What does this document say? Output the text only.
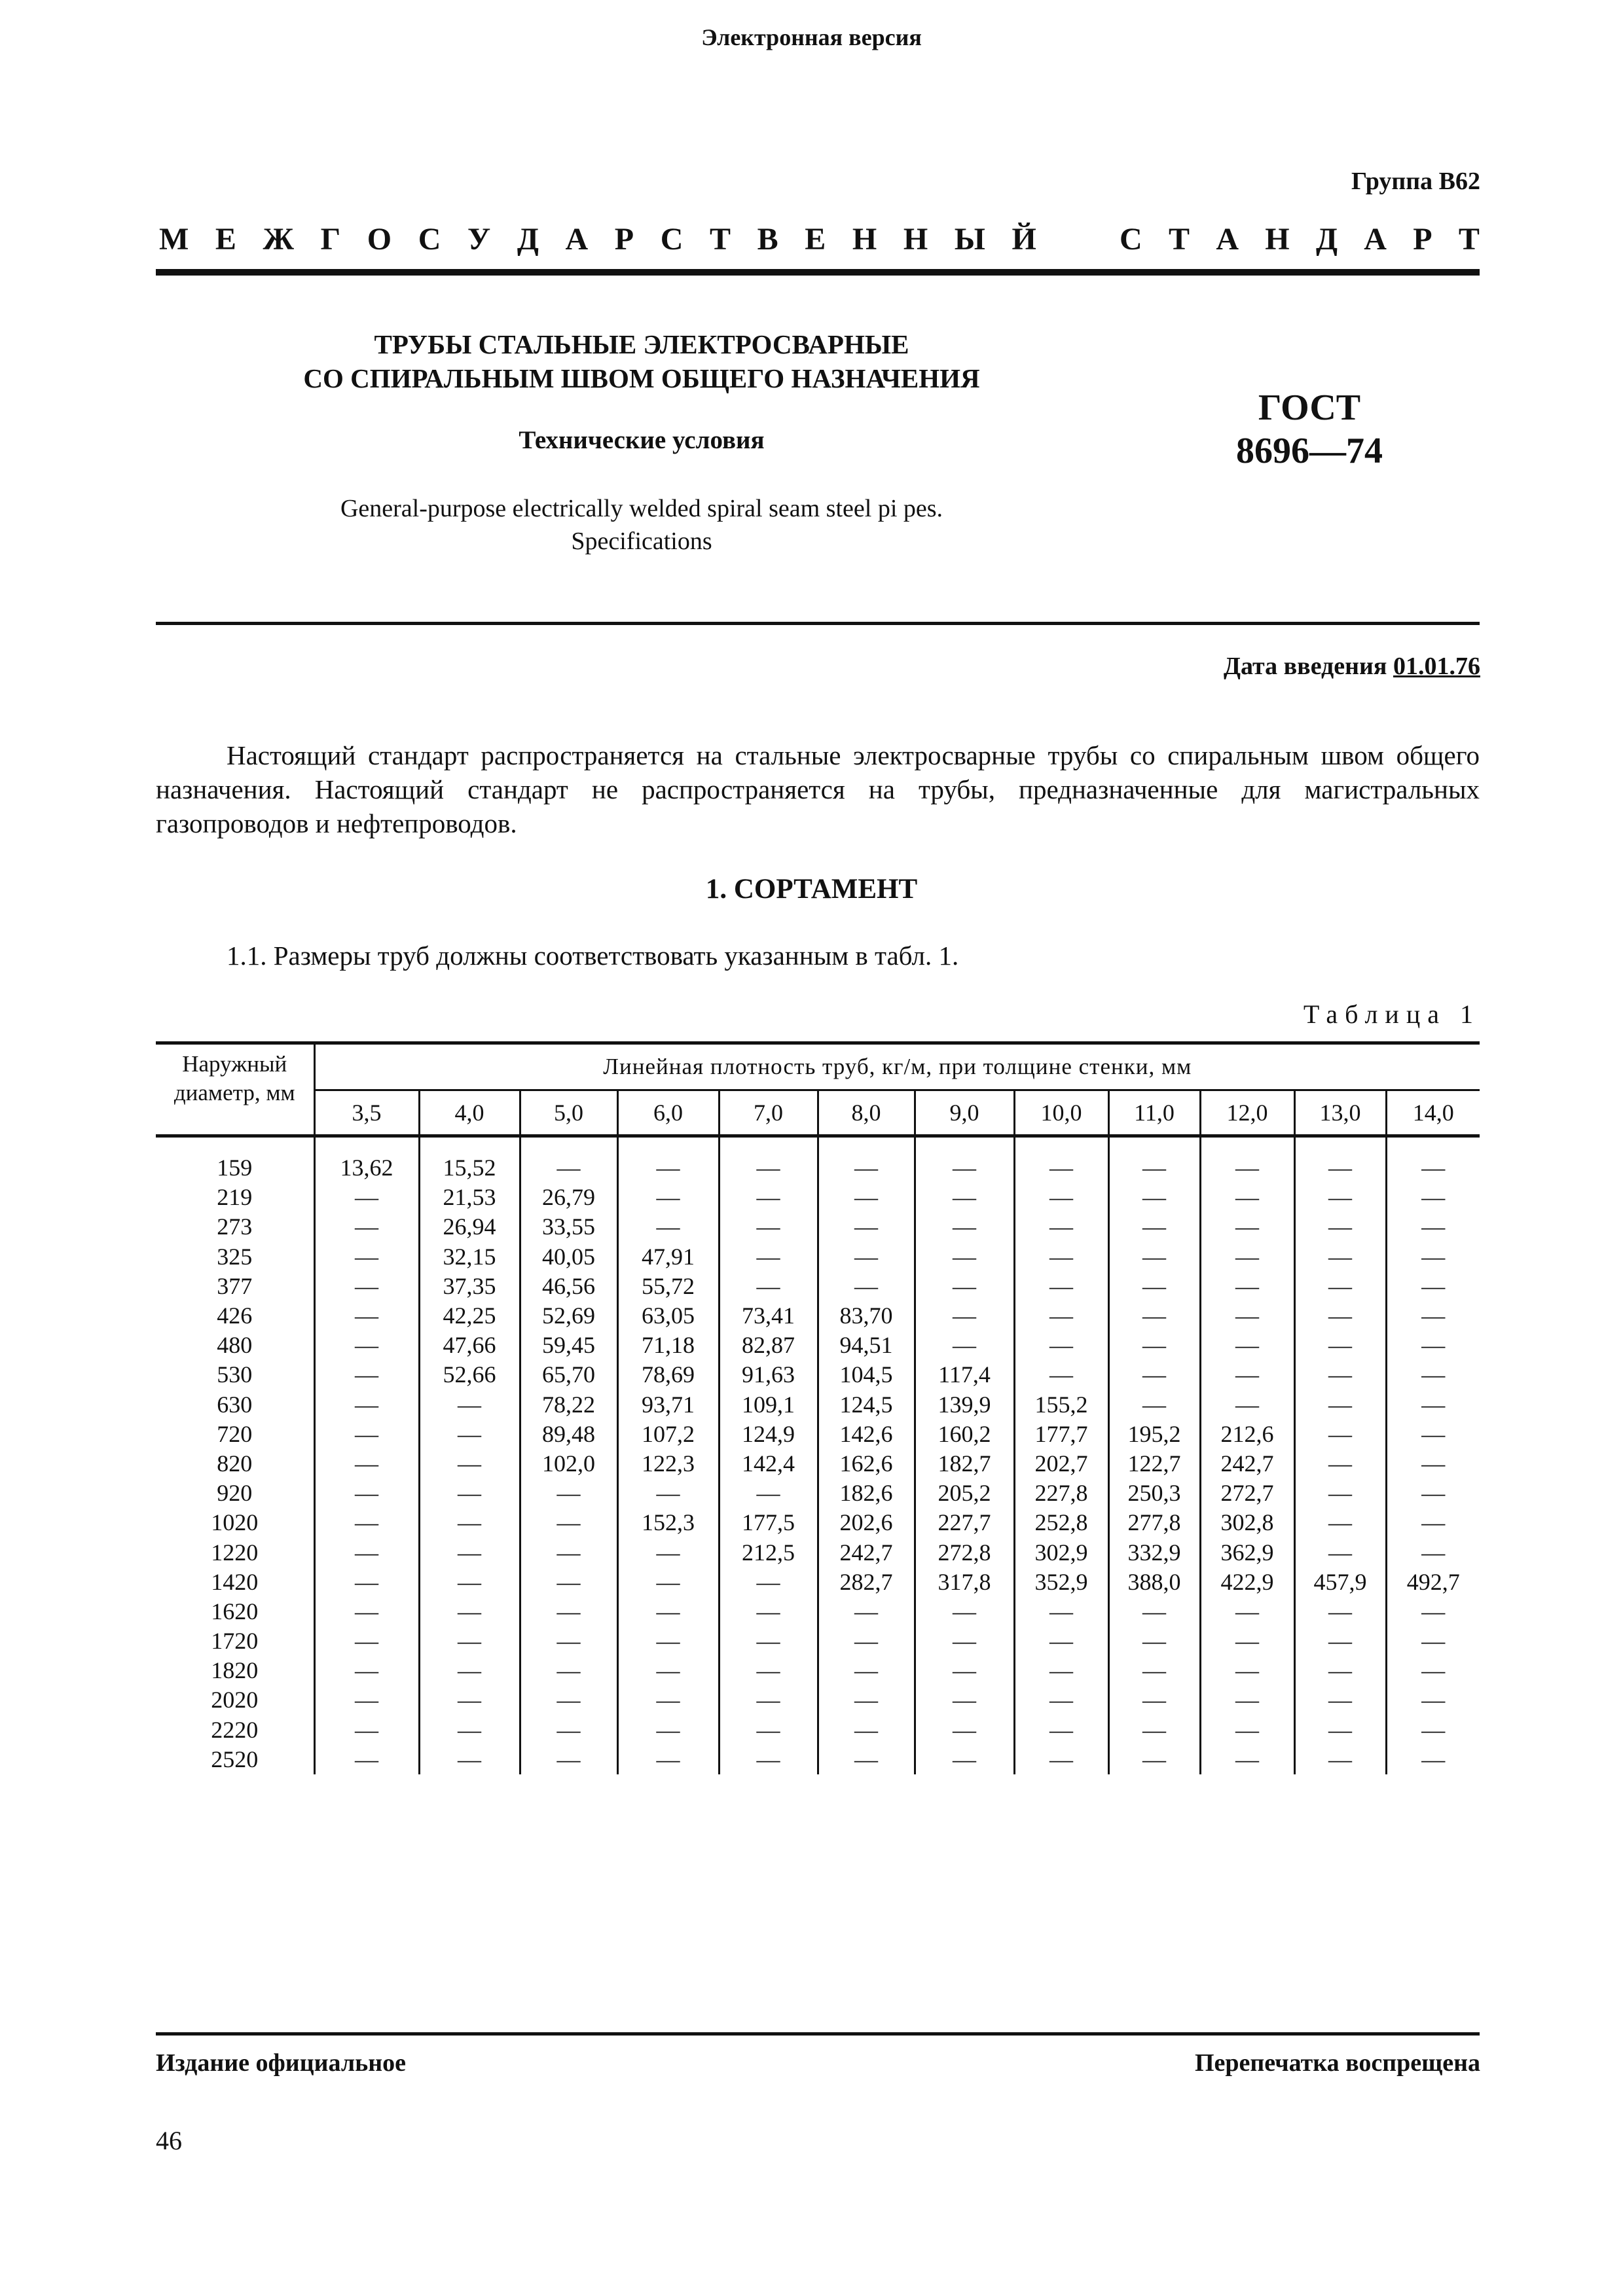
Электронная версия
Группа В62
М Е Ж Г О С У Д А Р С Т В Е Н Н Ы Й	С Т А Н Д А Р Т
ТРУБЫ СТАЛЬНЫЕ ЭЛЕКТРОСВАРНЫЕ
СО СПИРАЛЬНЫМ ШВОМ ОБЩЕГО НАЗНАЧЕНИЯ
Технические условия
General-purpose electrically welded spiral seam steel pi pes.
Specifications
ГОСТ
8696—74
Дата введения 01.01.76
Настоящий стандарт распространяется на стальные электросварные трубы со спиральным швом общего назначения. Настоящий стандарт не распространяется на трубы, предназначенные для магистральных газопроводов и нефтепроводов.
1. СОРТАМЕНТ
1.1. Размеры труб должны соответствовать указанным в табл. 1.
Таблица 1
Наружный
диаметр, мм	Линейная плотность труб, кг/м, при толщине стенки, мм											
	3,5	4,0	5,0	6,0	7,0	8,0	9,0	10,0	11,0	12,0	13,0	14,0

159	13,62	15,52	—	—	—	—	—	—	—	—	—	—
219	—	21,53	26,79	—	—	—	—	—	—	—	—	—
273	—	26,94	33,55	—	—	—	—	—	—	—	—	—
325	—	32,15	40,05	47,91	—	—	—	—	—	—	—	—
377	—	37,35	46,56	55,72	—	—	—	—	—	—	—	—
426	—	42,25	52,69	63,05	73,41	83,70	—	—	—	—	—	—
480	—	47,66	59,45	71,18	82,87	94,51	—	—	—	—	—	—
530	—	52,66	65,70	78,69	91,63	104,5	117,4	—	—	—	—	—
630	—	—	78,22	93,71	109,1	124,5	139,9	155,2	—	—	—	—
720	—	—	89,48	107,2	124,9	142,6	160,2	177,7	195,2	212,6	—	—
820	—	—	102,0	122,3	142,4	162,6	182,7	202,7	122,7	242,7	—	—
920	—	—	—	—	—	182,6	205,2	227,8	250,3	272,7	—	—
1020	—	—	—	152,3	177,5	202,6	227,7	252,8	277,8	302,8	—	—
1220	—	—	—	—	212,5	242,7	272,8	302,9	332,9	362,9	—	—
1420	—	—	—	—	—	282,7	317,8	352,9	388,0	422,9	457,9	492,7
1620	—	—	—	—	—	—	—	—	—	—	—	—
1720	—	—	—	—	—	—	—	—	—	—	—	—
1820	—	—	—	—	—	—	—	—	—	—	—	—
2020	—	—	—	—	—	—	—	—	—	—	—	—
2220	—	—	—	—	—	—	—	—	—	—	—	—
2520	—	—	—	—	—	—	—	—	—	—	—	—
Издание официальное	Перепечатка воспрещена
46
